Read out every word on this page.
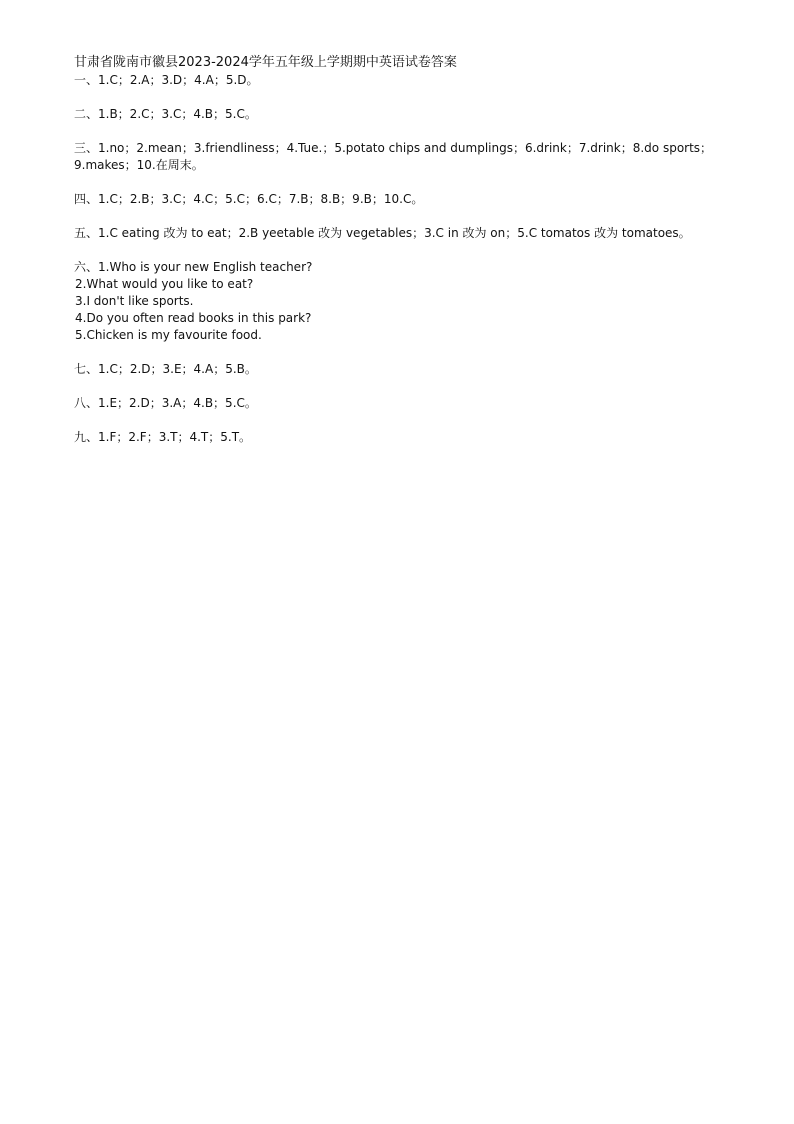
甘肃省陇南市徽县2023-2024学年五年级上学期期中英语试卷答案
一、1.C；2.A；3.D；4.A；5.D。
二、1.B；2.C；3.C；4.B；5.C。
三、1.no；2.mean；3.friendliness；4.Tue.；5.potato chips and dumplings；6.drink；7.drink；8.do sports；9.makes；10.在周末。
四、1.C；2.B；3.C；4.C；5.C；6.C；7.B；8.B；9.B；10.C。
五、1.C eating 改为 to eat；2.B yeetable 改为 vegetables；3.C in 改为 on；5.C tomatos 改为 tomatoes。
六、1.Who is your new English teacher?
2.What would you like to eat?
3.I don't like sports.
4.Do you often read books in this park?
5.Chicken is my favourite food.
七、1.C；2.D；3.E；4.A；5.B。
八、1.E；2.D；3.A；4.B；5.C。
九、1.F；2.F；3.T；4.T；5.T。
